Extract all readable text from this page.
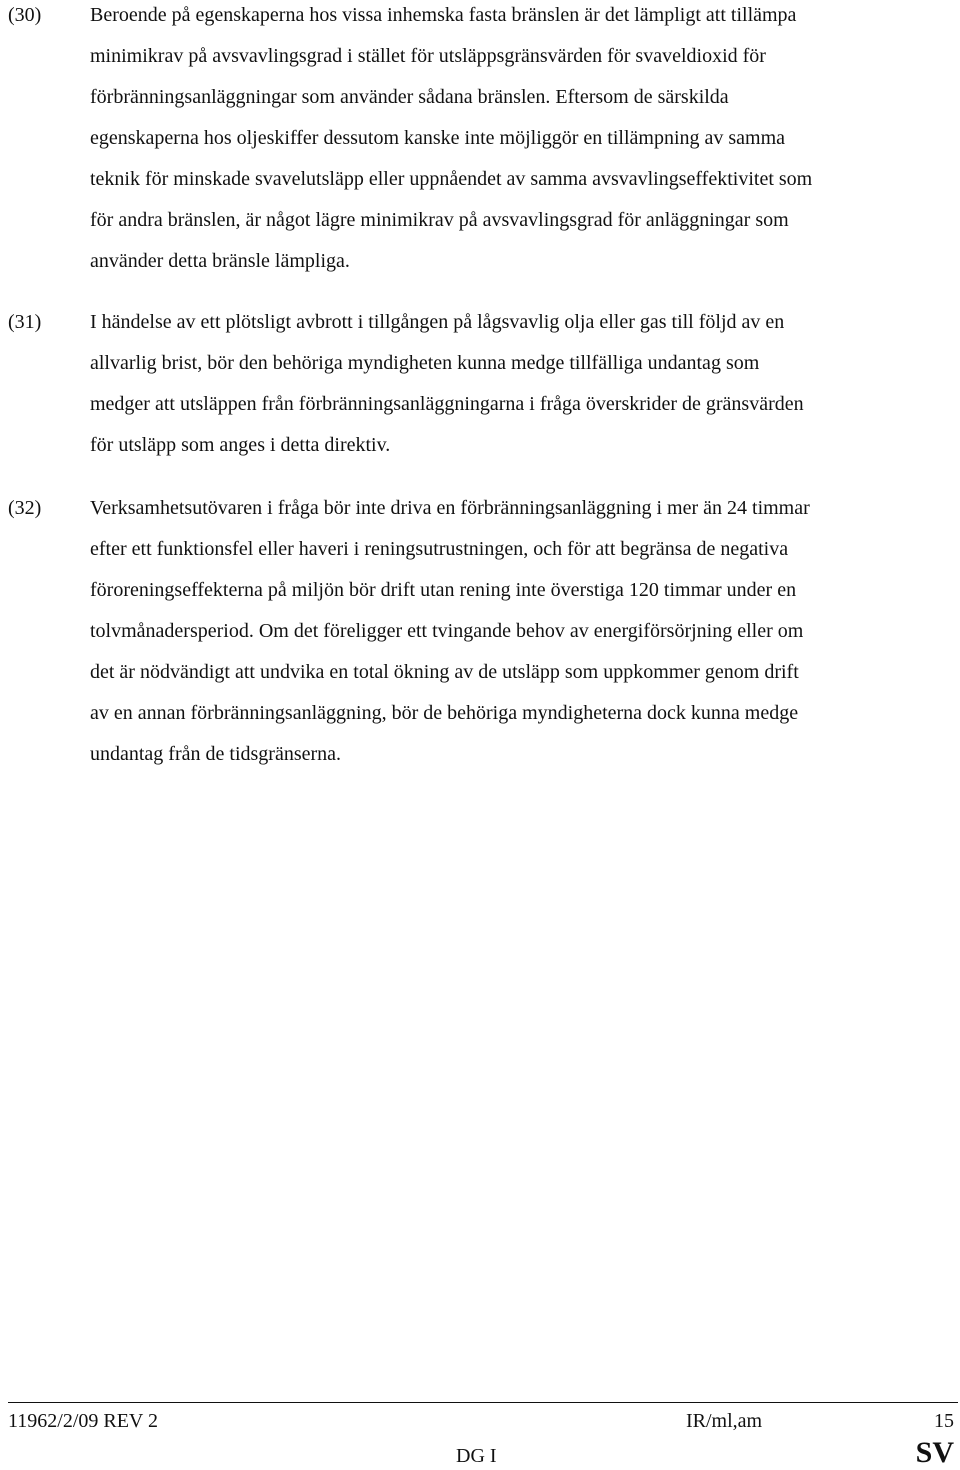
(30) Beroende på egenskaperna hos vissa inhemska fasta bränslen är det lämpligt att tillämpa
minimikrav på avsvavlingsgrad i stället för utsläppsgränsvärden för svaveldioxid för
förbränningsanläggningar som använder sådana bränslen. Eftersom de särskilda
egenskaperna hos oljeskiffer dessutom kanske inte möjliggör en tillämpning av samma
teknik för minskade svavelutsläpp eller uppnåendet av samma avsvavlingseffektivitet som
för andra bränslen, är något lägre minimikrav på avsvavlingsgrad för anläggningar som
använder detta bränsle lämpliga.
(31) I händelse av ett plötsligt avbrott i tillgången på lågsvavlig olja eller gas till följd av en
allvarlig brist, bör den behöriga myndigheten kunna medge tillfälliga undantag som
medger att utsläppen från förbränningsanläggningarna i fråga överskrider de gränsvärden
för utsläpp som anges i detta direktiv.
(32) Verksamhetsutövaren i fråga bör inte driva en förbränningsanläggning i mer än 24 timmar
efter ett funktionsfel eller haveri i reningsutrustningen, och för att begränsa de negativa
föroreningseffekterna på miljön bör drift utan rening inte överstiga 120 timmar under en
tolvmånadersperiod. Om det föreligger ett tvingande behov av energiförsörjning eller om
det är nödvändigt att undvika en total ökning av de utsläpp som uppkommer genom drift
av en annan förbränningsanläggning, bör de behöriga myndigheterna dock kunna medge
undantag från de tidsgränserna.
11962/2/09 REV 2	IR/ml,am	15
DG I	SV
